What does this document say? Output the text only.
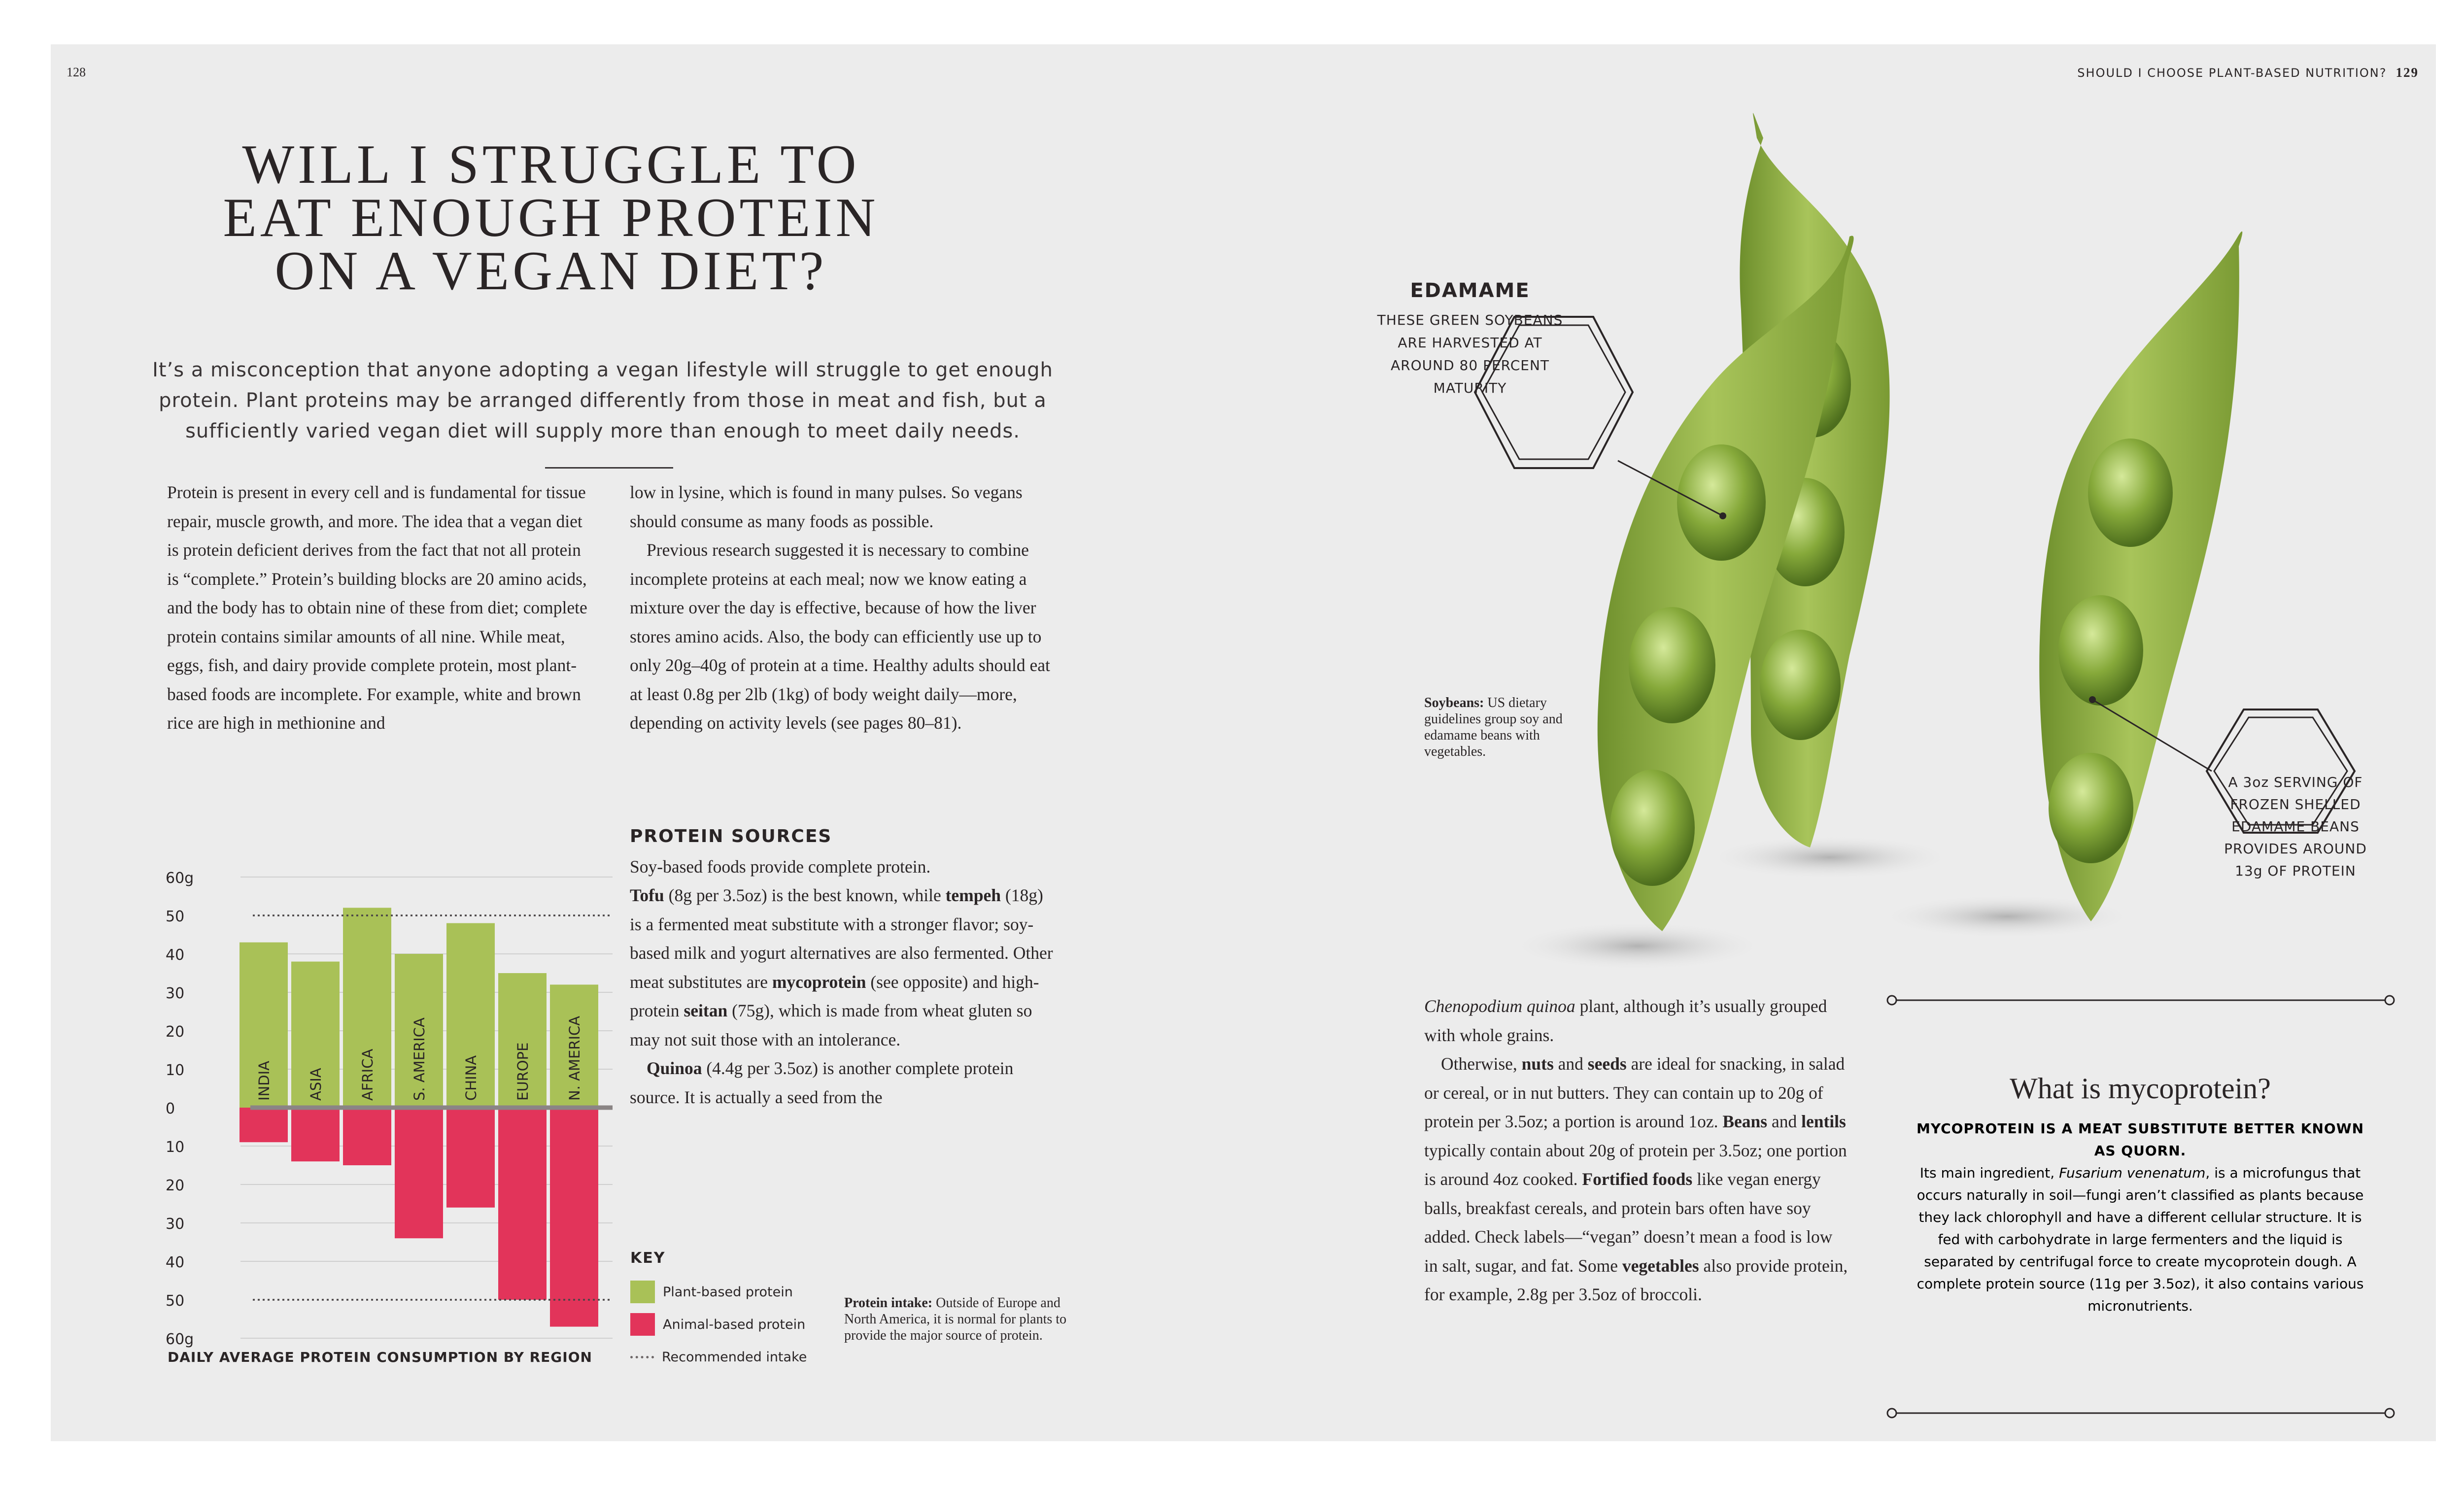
128	SHOULD I CHOOSE PLANT-BASED NUTRITION? 129
WILL I STRUGGLE TO
EAT ENOUGH PROTEIN
ON A VEGAN DIET?
It’s a misconception that anyone adopting a vegan lifestyle will struggle to get enough protein. Plant proteins may be arranged differently from those in meat and fish, but a sufficiently varied vegan diet will supply more than enough to meet daily needs.

Protein is present in every cell and is fundamental for tissue repair, muscle growth, and more. The idea that a vegan diet is protein deficient derives from the fact that not all protein is “complete.” Protein’s building blocks are 20 amino acids, and the body has to obtain nine of these from diet; complete protein contains similar amounts of all nine. While meat, eggs, fish, and dairy provide complete protein, most plant-based foods are incomplete. For example, white and brown rice are high in methionine and

low in lysine, which is found in many pulses. So vegans should consume as many foods as possible.

Previous research suggested it is necessary to combine incomplete proteins at each meal; now we know eating a mixture over the day is effective, because of how the liver stores amino acids. Also, the body can efficiently use up to only 20g–40g of protein at a time. Healthy adults should eat at least 0.8g per 2lb (1kg) of body weight daily—more, depending on activity levels (see pages 80–81).

PROTEIN SOURCES

Soy-based foods provide complete protein.
Tofu (8g per 3.5oz) is the best known, while tempeh (18g) is a fermented meat substitute with a stronger flavor; soy-based milk and yogurt alternatives are also fermented. Other meat substitutes are mycoprotein (see opposite) and high-protein seitan (75g), which is made from wheat gluten so may not suit those with an intolerance.

Quinoa (4.4g per 3.5oz) is another complete protein source. It is actually a seed from the

60g
50
40
30
20
10
0
10
20
30
40
50
60g
INDIA ASIA AFRICA S. AMERICA CHINA EUROPE N. AMERICA
DAILY AVERAGE PROTEIN CONSUMPTION BY REGION
KEY
Plant-based protein
Animal-based protein
Recommended intake
Protein intake: Outside of Europe and North America, it is normal for plants to provide the major source of protein.
EDAMAME
THESE GREEN SOYBEANS ARE HARVESTED AT AROUND 80 PERCENT MATURITY
A 3oz SERVING OF FROZEN SHELLED EDAMAME BEANS PROVIDES AROUND 13g OF PROTEIN
Soybeans: US dietary guidelines group soy and edamame beans with vegetables.

Chenopodium quinoa plant, although it’s usually grouped with whole grains.

Otherwise, nuts and seeds are ideal for snacking, in salad or cereal, or in nut butters. They can contain up to 20g of protein per 3.5oz; a portion is around 1oz. Beans and lentils typically contain about 20g of protein per 3.5oz; one portion is around 4oz cooked. Fortified foods like vegan energy balls, breakfast cereals, and protein bars often have soy added. Check labels—“vegan” doesn’t mean a food is low in salt, sugar, and fat. Some vegetables also provide protein, for example, 2.8g per 3.5oz of broccoli.

What is mycoprotein?
MYCOPROTEIN IS A MEAT SUBSTITUTE BETTER KNOWN AS QUORN.
Its main ingredient, Fusarium venenatum, is a microfungus that occurs naturally in soil—fungi aren’t classified as plants because they lack chlorophyll and have a different cellular structure. It is fed with carbohydrate in large fermenters and the liquid is separated by centrifugal force to create mycoprotein dough. A complete protein source (11g per 3.5oz), it also contains various micronutrients.
